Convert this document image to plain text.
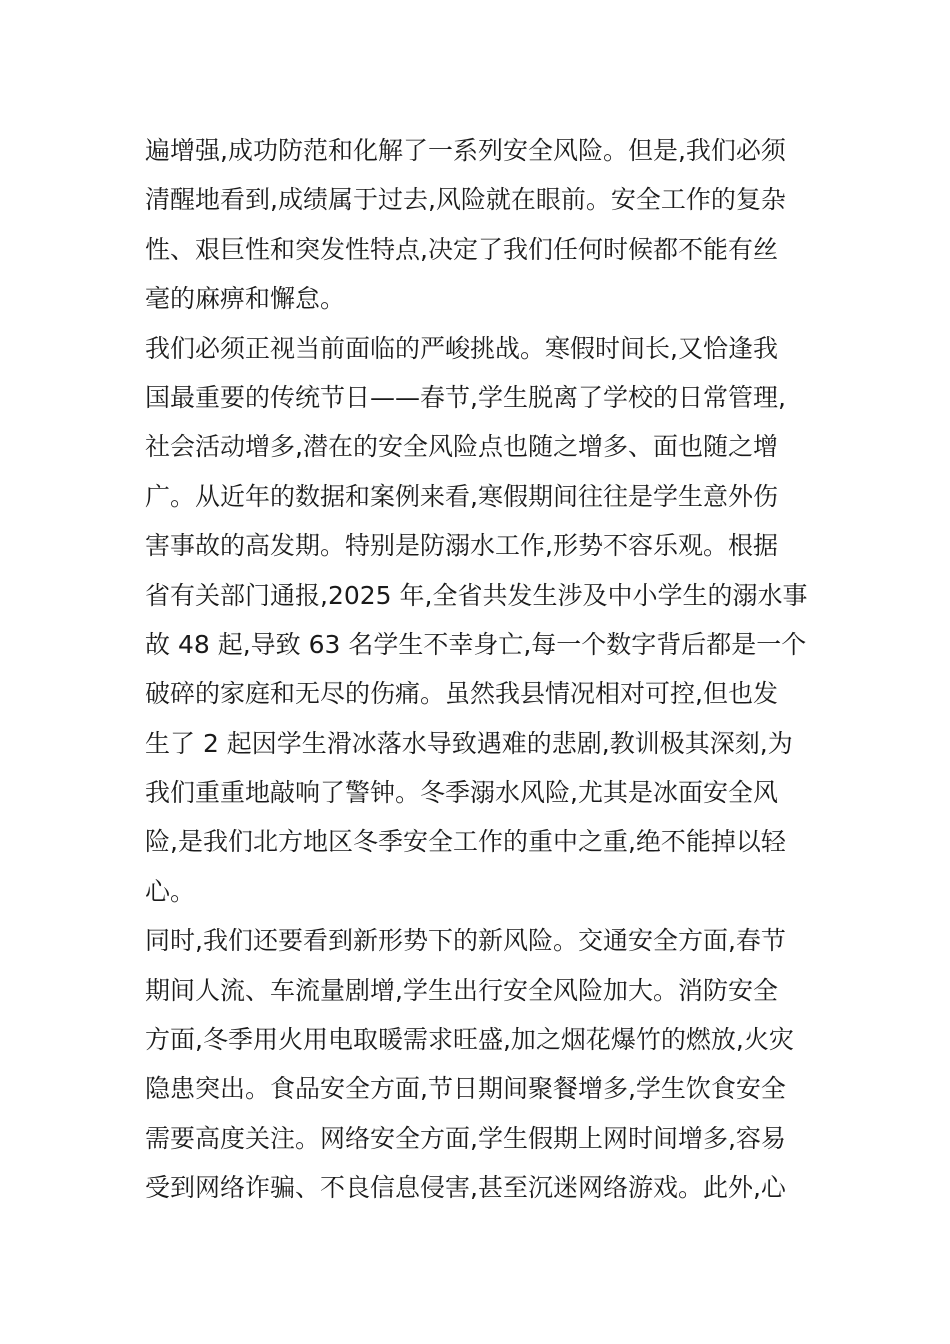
遍增强,成功防范和化解了一系列安全风险。但是,我们必须
清醒地看到,成绩属于过去,风险就在眼前。安全工作的复杂
性、艰巨性和突发性特点,决定了我们任何时候都不能有丝
毫的麻痹和懈怠。
我们必须正视当前面临的严峻挑战。寒假时间长,又恰逢我
国最重要的传统节日——春节,学生脱离了学校的日常管理,
社会活动增多,潜在的安全风险点也随之增多、面也随之增
广。从近年的数据和案例来看,寒假期间往往是学生意外伤
害事故的高发期。特别是防溺水工作,形势不容乐观。根据
省有关部门通报,2025 年,全省共发生涉及中小学生的溺水事
故 48 起,导致 63 名学生不幸身亡,每一个数字背后都是一个
破碎的家庭和无尽的伤痛。虽然我县情况相对可控,但也发
生了 2 起因学生滑冰落水导致遇难的悲剧,教训极其深刻,为
我们重重地敲响了警钟。冬季溺水风险,尤其是冰面安全风
险,是我们北方地区冬季安全工作的重中之重,绝不能掉以轻
心。
同时,我们还要看到新形势下的新风险。交通安全方面,春节
期间人流、车流量剧增,学生出行安全风险加大。消防安全
方面,冬季用火用电取暖需求旺盛,加之烟花爆竹的燃放,火灾
隐患突出。食品安全方面,节日期间聚餐增多,学生饮食安全
需要高度关注。网络安全方面,学生假期上网时间增多,容易
受到网络诈骗、不良信息侵害,甚至沉迷网络游戏。此外,心
